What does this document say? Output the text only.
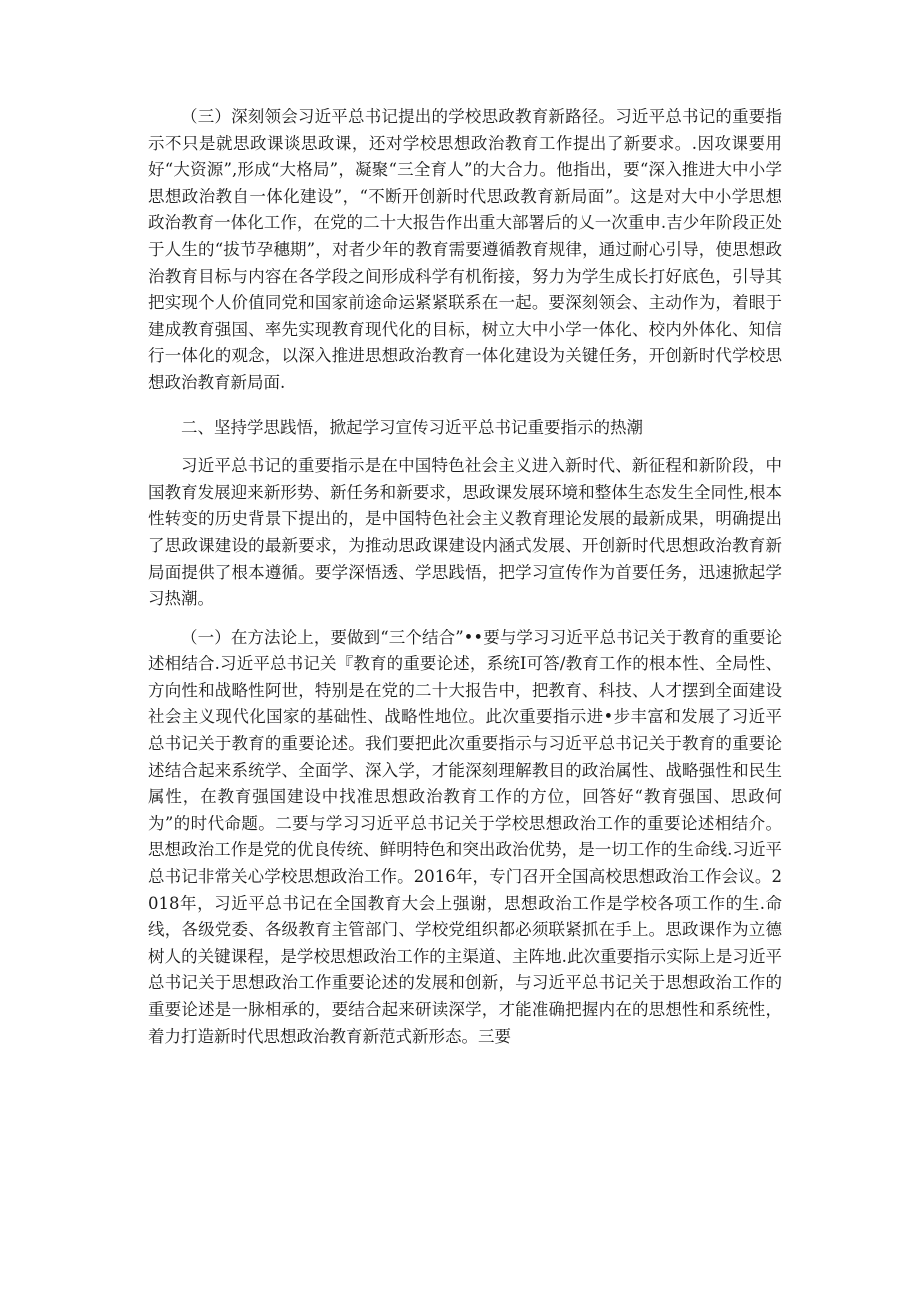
（三）深刻领会习近平总书记提出的学校思政教育新路径。习近平总书记的重要指示不只是就思政课谈思政课，还对学校思想政治教育工作提出了新要求。.因攻课要用好“大资源”,形成“大格局”，凝聚“三全育人”的大合力。他指出，要“深入推进大中小学思想政治教自一体化建设”，“不断开创新时代思政教育新局面”。这是对大中小学思想政治教育一体化工作，在党的二十大报告作出重大部署后的乂一次重申.吉少年阶段正处于人生的“拔节孕穗期”，对者少年的教育需要遵循教育规律，通过耐心引导，使思想政治教育目标与内容在各学段之间形成科学有机衔接，努力为学生成长打好底色，引导其把实现个人价值同党和国家前途命运紧紧联系在一起。要深刻领会、主动作为，着眼于建成教育强国、率先实现教育现代化的目标，树立大中小学一体化、校内外体化、知信行一体化的观念，以深入推进思想政治教育一体化建设为关键任务，开创新时代学校思想政治教育新局面.

二、坚持学思践悟，掀起学习宣传习近平总书记重要指示的热潮

习近平总书记的重要指示是在中国特色社会主义进入新时代、新征程和新阶段，中国教育发展迎来新形势、新任务和新要求，思政课发展环境和整体生态发生全同性,根本性转变的历史背景下提出的，是中国特色社会主义教育理论发展的最新成果，明确提出了思政课建设的最新要求，为推动思政课建设内涵式发展、开创新时代思想政治教育新局面提供了根本遵循。要学深悟透、学思践悟，把学习宣传作为首要任务，迅速掀起学习热潮。

（一）在方法论上，要做到“三个结合”••要与学习习近平总书记关于教育的重要论述相结合.习近平总书记关『教育的重要论述，系统I可答/教育工作的根本性、全局性、方向性和战略性阿世，特别是在党的二十大报告中，把教育、科技、人才摆到全面建设社会主义现代化国家的基础性、战略性地位。此次重要指示进•步丰富和发展了习近平总书记关于教育的重要论述。我们要把此次重要指示与习近平总书记关于教育的重要论述结合起来系统学、全面学、深入学，才能深刻理解教目的政治属性、战略强性和民生属性，在教育强国建设中找准思想政治教育工作的方位，回答好“教育强国、思政何为”的时代命题。二要与学习习近平总书记关于学校思想政治工作的重要论述相结介。思想政治工作是党的优良传统、鲜明特色和突出政治优势，是一切工作的生命线.习近平总书记非常关心学校思想政治工作。2016年，专门召开全国高校思想政治工作会议。2018年，习近平总书记在全国教育大会上强谢，思想政治工作是学校各项工作的生.命线，各级党委、各级教育主管部门、学校党组织都必须联紧抓在手上。思政课作为立德树人的关键课程，是学校思想政治工作的主渠道、主阵地.此次重要指示实际上是习近平总书记关于思想政治工作重要论述的发展和创新，与习近平总书记关于思想政治工作的重要论述是一脉相承的，要结合起来研读深学，才能准确把握内在的思想性和系统性，着力打造新时代思想政治教育新范式新形态。三要
